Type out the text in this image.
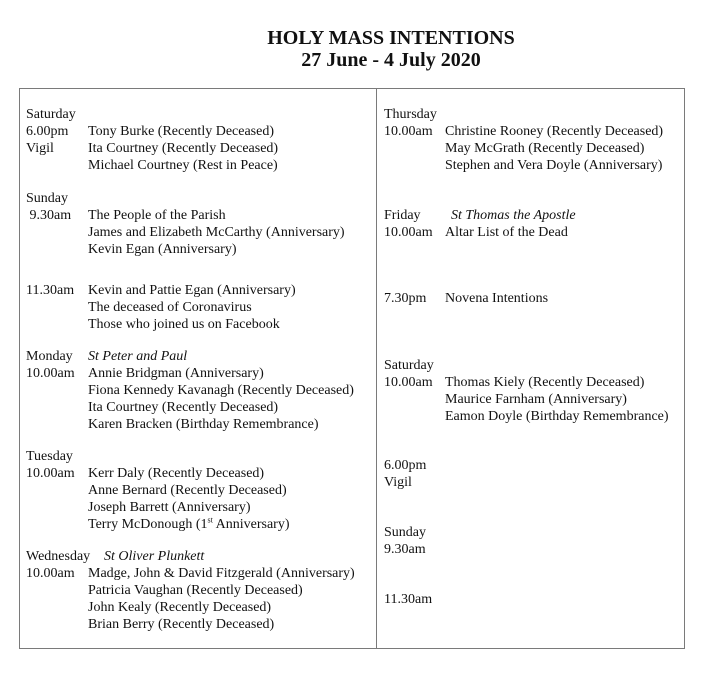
HOLY MASS INTENTIONS
27 June - 4 July 2020
Saturday
6.00pm
Vigil
Tony Burke (Recently Deceased)
Ita Courtney (Recently Deceased)
Michael Courtney (Rest in Peace)
Sunday
9.30am The People of the Parish
James and Elizabeth McCarthy (Anniversary)
Kevin Egan (Anniversary)
11.30am Kevin and Pattie Egan (Anniversary)
The deceased of Coronavirus
Those who joined us on Facebook
Monday
10.00am
St Peter and Paul
Annie Bridgman (Anniversary)
Fiona Kennedy Kavanagh (Recently Deceased)
Ita Courtney (Recently Deceased)
Karen Bracken (Birthday Remembrance)
Tuesday
10.00am Kerr Daly (Recently Deceased)
Anne Bernard (Recently Deceased)
Joseph Barrett (Anniversary)
Terry McDonough (1st Anniversary)
Wednesday
10.00am
St Oliver Plunkett
Madge, John & David Fitzgerald (Anniversary)
Patricia Vaughan (Recently Deceased)
John Kealy (Recently Deceased)
Brian Berry (Recently Deceased)
Thursday
10.00am Christine Rooney (Recently Deceased)
May McGrath (Recently Deceased)
Stephen and Vera Doyle (Anniversary)
Friday
10.00am
St Thomas the Apostle
Altar List of the Dead
7.30pm Novena Intentions
Saturday
10.00am Thomas Kiely (Recently Deceased)
Maurice Farnham (Anniversary)
Eamon Doyle (Birthday Remembrance)
6.00pm
Vigil
Sunday
9.30am
11.30am
